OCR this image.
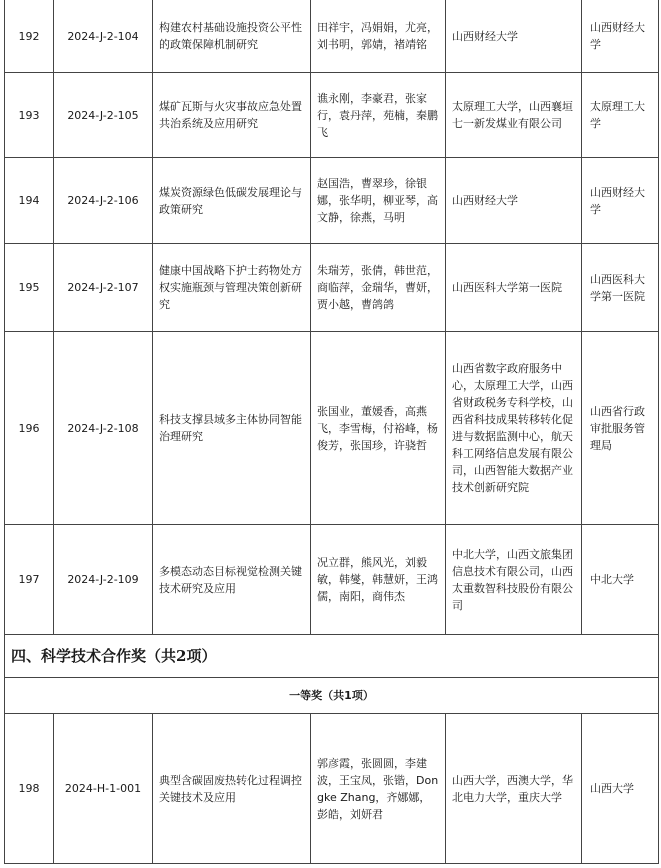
192	2024-J-2-104	构建农村基础设施投资公平性的政策保障机制研究	田祥宇，冯娟娟，尤亮，刘书明，郭婧，褚靖铭	山西财经大学	山西财经大学
193	2024-J-2-105	煤矿瓦斯与火灾事故应急处置共治系统及应用研究	谯永刚，李豪君，张家行，袁丹萍，苑楠，秦鹏飞	太原理工大学，山西襄垣七一新发煤业有限公司	太原理工大学
194	2024-J-2-106	煤炭资源绿色低碳发展理论与政策研究	赵国浩，曹翠珍，徐银娜，张华明，柳亚琴，高文静，徐燕，马明	山西财经大学	山西财经大学
195	2024-J-2-107	健康中国战略下护士药物处方权实施瓶颈与管理决策创新研究	朱瑞芳，张倩，韩世范，商临萍，金瑞华，曹妍，贾小越，曹鸽鸽	山西医科大学第一医院	山西医科大学第一医院
196	2024-J-2-108	科技支撑县域多主体协同智能治理研究	张国业，董媛香，高燕飞，李雪梅，付裕峰，杨俊芳，张国珍，许骁哲	山西省数字政府服务中心，太原理工大学，山西省财政税务专科学校，山西省科技成果转移转化促进与数据监测中心，航天科工网络信息发展有限公司，山西智能大数据产业技术创新研究院	山西省行政审批服务管理局
197	2024-J-2-109	多模态动态目标视觉检测关键技术研究及应用	况立群，熊风光，刘毅敏，韩燮，韩慧妍，王鸿儒，南阳，商伟杰	中北大学，山西文旅集团信息技术有限公司，山西太重数智科技股份有限公司	中北大学
四、科学技术合作奖（共2项）					
一等奖（共1项）					
198	2024-H-1-001	典型含碳固废热转化过程调控关键技术及应用	郭彦霞，张圆圆，李建波，王宝凤，张锴，Dongke Zhang，齐娜娜，彭皓，刘妍君	山西大学，西澳大学，华北电力大学，重庆大学	山西大学
